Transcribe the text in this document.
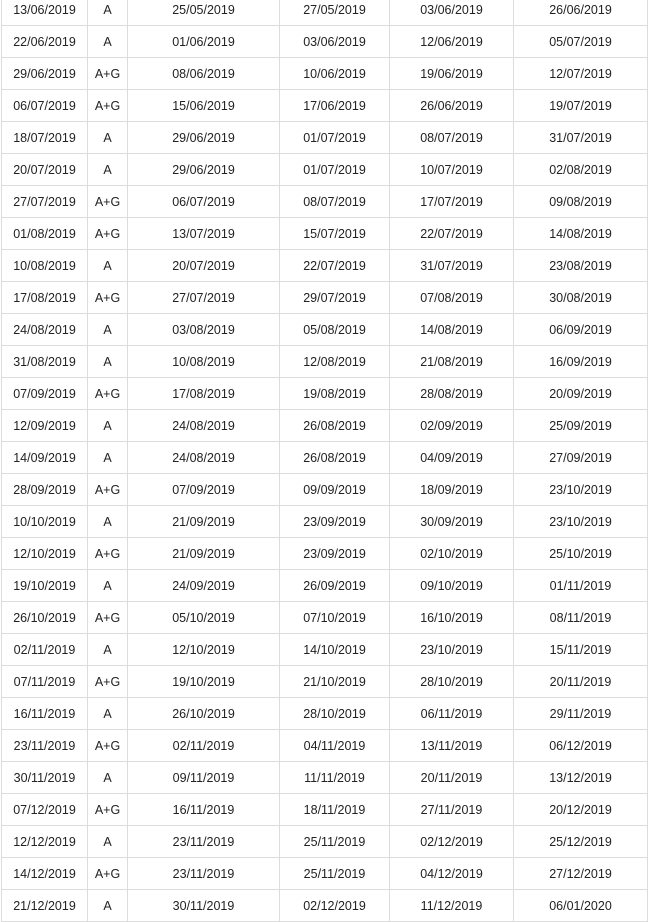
13/06/2019	A	25/05/2019	27/05/2019	03/06/2019	26/06/2019
22/06/2019	A	01/06/2019	03/06/2019	12/06/2019	05/07/2019
29/06/2019	A+G	08/06/2019	10/06/2019	19/06/2019	12/07/2019
06/07/2019	A+G	15/06/2019	17/06/2019	26/06/2019	19/07/2019
18/07/2019	A	29/06/2019	01/07/2019	08/07/2019	31/07/2019
20/07/2019	A	29/06/2019	01/07/2019	10/07/2019	02/08/2019
27/07/2019	A+G	06/07/2019	08/07/2019	17/07/2019	09/08/2019
01/08/2019	A+G	13/07/2019	15/07/2019	22/07/2019	14/08/2019
10/08/2019	A	20/07/2019	22/07/2019	31/07/2019	23/08/2019
17/08/2019	A+G	27/07/2019	29/07/2019	07/08/2019	30/08/2019
24/08/2019	A	03/08/2019	05/08/2019	14/08/2019	06/09/2019
31/08/2019	A	10/08/2019	12/08/2019	21/08/2019	16/09/2019
07/09/2019	A+G	17/08/2019	19/08/2019	28/08/2019	20/09/2019
12/09/2019	A	24/08/2019	26/08/2019	02/09/2019	25/09/2019
14/09/2019	A	24/08/2019	26/08/2019	04/09/2019	27/09/2019
28/09/2019	A+G	07/09/2019	09/09/2019	18/09/2019	23/10/2019
10/10/2019	A	21/09/2019	23/09/2019	30/09/2019	23/10/2019
12/10/2019	A+G	21/09/2019	23/09/2019	02/10/2019	25/10/2019
19/10/2019	A	24/09/2019	26/09/2019	09/10/2019	01/11/2019
26/10/2019	A+G	05/10/2019	07/10/2019	16/10/2019	08/11/2019
02/11/2019	A	12/10/2019	14/10/2019	23/10/2019	15/11/2019
07/11/2019	A+G	19/10/2019	21/10/2019	28/10/2019	20/11/2019
16/11/2019	A	26/10/2019	28/10/2019	06/11/2019	29/11/2019
23/11/2019	A+G	02/11/2019	04/11/2019	13/11/2019	06/12/2019
30/11/2019	A	09/11/2019	11/11/2019	20/11/2019	13/12/2019
07/12/2019	A+G	16/11/2019	18/11/2019	27/11/2019	20/12/2019
12/12/2019	A	23/11/2019	25/11/2019	02/12/2019	25/12/2019
14/12/2019	A+G	23/11/2019	25/11/2019	04/12/2019	27/12/2019
21/12/2019	A	30/11/2019	02/12/2019	11/12/2019	06/01/2020
